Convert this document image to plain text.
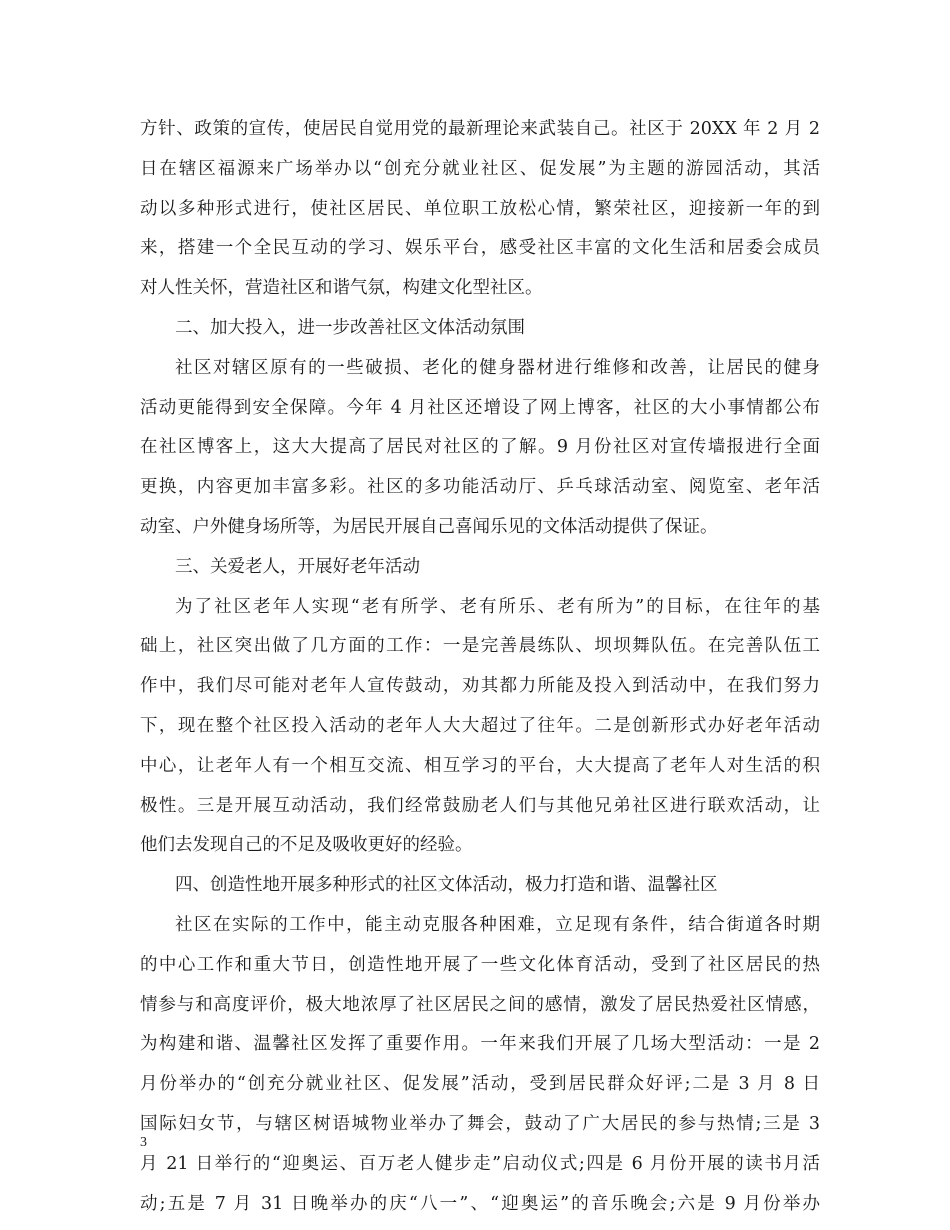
方针、政策的宣传，使居民自觉用党的最新理论来武装自己。社区于 20XX 年 2 月 2
日在辖区福源来广场举办以“创充分就业社区、促发展”为主题的游园活动，其活
动以多种形式进行，使社区居民、单位职工放松心情，繁荣社区，迎接新一年的到
来，搭建一个全民互动的学习、娱乐平台，感受社区丰富的文化生活和居委会成员
对人性关怀，营造社区和谐气氛，构建文化型社区。
二、加大投入，进一步改善社区文体活动氛围
社区对辖区原有的一些破损、老化的健身器材进行维修和改善，让居民的健身
活动更能得到安全保障。今年 4 月社区还增设了网上博客，社区的大小事情都公布
在社区博客上，这大大提高了居民对社区的了解。9 月份社区对宣传墙报进行全面
更换，内容更加丰富多彩。社区的多功能活动厅、乒乓球活动室、阅览室、老年活
动室、户外健身场所等，为居民开展自己喜闻乐见的文体活动提供了保证。
三、关爱老人，开展好老年活动
为了社区老年人实现“老有所学、老有所乐、老有所为”的目标，在往年的基
础上，社区突出做了几方面的工作：一是完善晨练队、坝坝舞队伍。在完善队伍工
作中，我们尽可能对老年人宣传鼓动，劝其都力所能及投入到活动中，在我们努力
下，现在整个社区投入活动的老年人大大超过了往年。二是创新形式办好老年活动
中心，让老年人有一个相互交流、相互学习的平台，大大提高了老年人对生活的积
极性。三是开展互动活动，我们经常鼓励老人们与其他兄弟社区进行联欢活动，让
他们去发现自己的不足及吸收更好的经验。
四、创造性地开展多种形式的社区文体活动，极力打造和谐、温馨社区
社区在实际的工作中，能主动克服各种困难，立足现有条件，结合街道各时期
的中心工作和重大节日，创造性地开展了一些文化体育活动，受到了社区居民的热
情参与和高度评价，极大地浓厚了社区居民之间的感情，激发了居民热爱社区情感，
为构建和谐、温馨社区发挥了重要作用。一年来我们开展了几场大型活动：一是 2
月份举办的“创充分就业社区、促发展”活动，受到居民群众好评;二是 3 月 8 日
国际妇女节，与辖区树语城物业举办了舞会，鼓动了广大居民的参与热情;三是 3
月 21 日举行的“迎奥运、百万老人健步走”启动仪式;四是 6 月份开展的读书月活
动;五是 7 月 31 日晚举办的庆“八一”、“迎奥运”的音乐晚会;六是 9 月份举办
3
